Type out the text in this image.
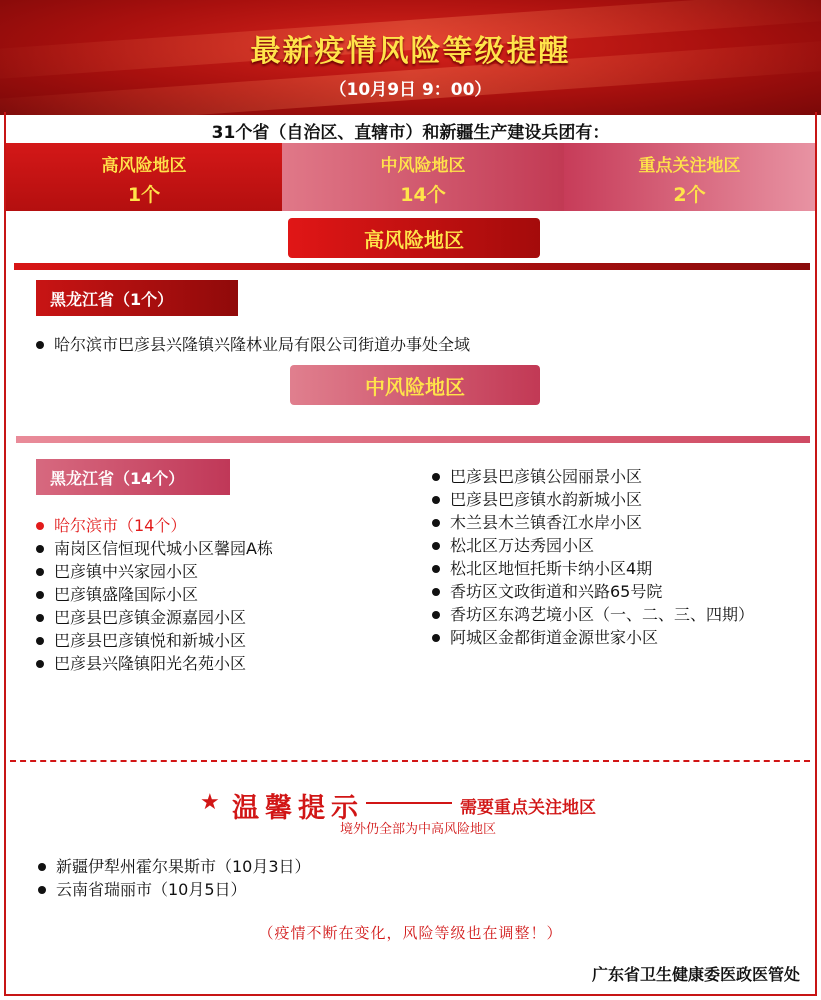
最新疫情风险等级提醒
（10月9日 9：00）
31个省（自治区、直辖市）和新疆生产建设兵团有：
高风险地区
1个
中风险地区
14个
重点关注地区
2个
高风险地区
黑龙江省（1个）
哈尔滨市巴彦县兴隆镇兴隆林业局有限公司街道办事处全域
中风险地区
黑龙江省（14个）
哈尔滨市（14个）
南岗区信恒现代城小区馨园A栋
巴彦镇中兴家园小区
巴彦镇盛隆国际小区
巴彦县巴彦镇金源嘉园小区
巴彦县巴彦镇悦和新城小区
巴彦县兴隆镇阳光名苑小区
巴彦县巴彦镇公园丽景小区
巴彦县巴彦镇水韵新城小区
木兰县木兰镇香江水岸小区
松北区万达秀园小区
松北区地恒托斯卡纳小区4期
香坊区文政街道和兴路65号院
香坊区东鸿艺境小区（一、二、三、四期）
阿城区金都街道金源世家小区
★ 温馨提示	需要重点关注地区
境外仍全部为中高风险地区
新疆伊犁州霍尔果斯市（10月3日）
云南省瑞丽市（10月5日）
（疫情不断在变化，风险等级也在调整！）
广东省卫生健康委医政医管处
